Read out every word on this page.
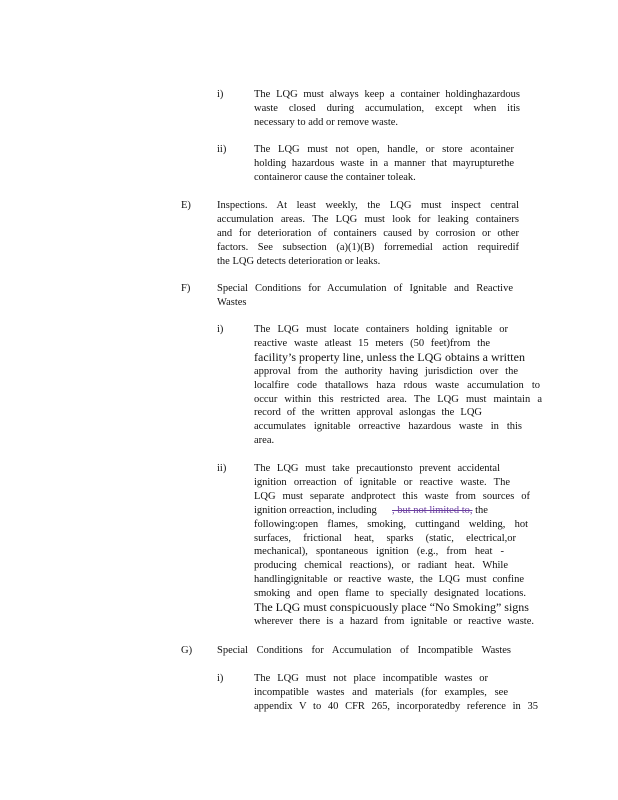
i)	The LQG must always keep a container holdinghazardous
waste closed during accumulation, except when itis
necessary to add or remove waste.
ii)	The LQG must not open, handle, or store acontainer
holding hazardous waste in a manner that mayrupturethe
containeror cause the container toleak.
E) Inspections. At least weekly, the LQG must inspect central
accumulation areas. The LQG must look for leaking containers
and for deterioration of containers caused by corrosion or other
factors. See subsection (a)(1)(B) forremedial action requiredif
the LQG detects deterioration or leaks.
F)	Special Conditions for Accumulation of Ignitable and Reactive
Wastes
i)	The LQG must locate containers holding ignitable or
reactive waste atleast 15 meters (50 feet)from the
facility’s property line, unless the LQG obtains a written
approval from the authority having jurisdiction over the
localfire code thatallows haza rdous waste accumulation to
occur within this restricted area. The LQG must maintain a
record of the written approval aslongas the LQG
accumulates ignitable orreactive hazardous waste in this
area.
ii)	The LQG must take precautionsto prevent accidental
ignition orreaction of ignitable or reactive waste. The
LQG must separate andprotect this waste from sources of
ignition orreaction, including , but not limited to, the
following:open flames, smoking, cuttingand welding, hot
surfaces, frictional heat, sparks (static, electrical,or
mechanical), spontaneous ignition (e.g., from heat -
producing chemical reactions), or radiant heat. While
handlingignitable or reactive waste, the LQG must confine
smoking and open flame to specially designated locations.
The LQG must conspicuously place “No Smoking” signs
wherever there is a hazard from ignitable or reactive waste.
G) Special Conditions for Accumulation of Incompatible Wastes
i)	The LQG must not place incompatible wastes or
incompatible wastes and materials (for examples, see
appendix V to 40 CFR 265, incorporatedby reference in 35
